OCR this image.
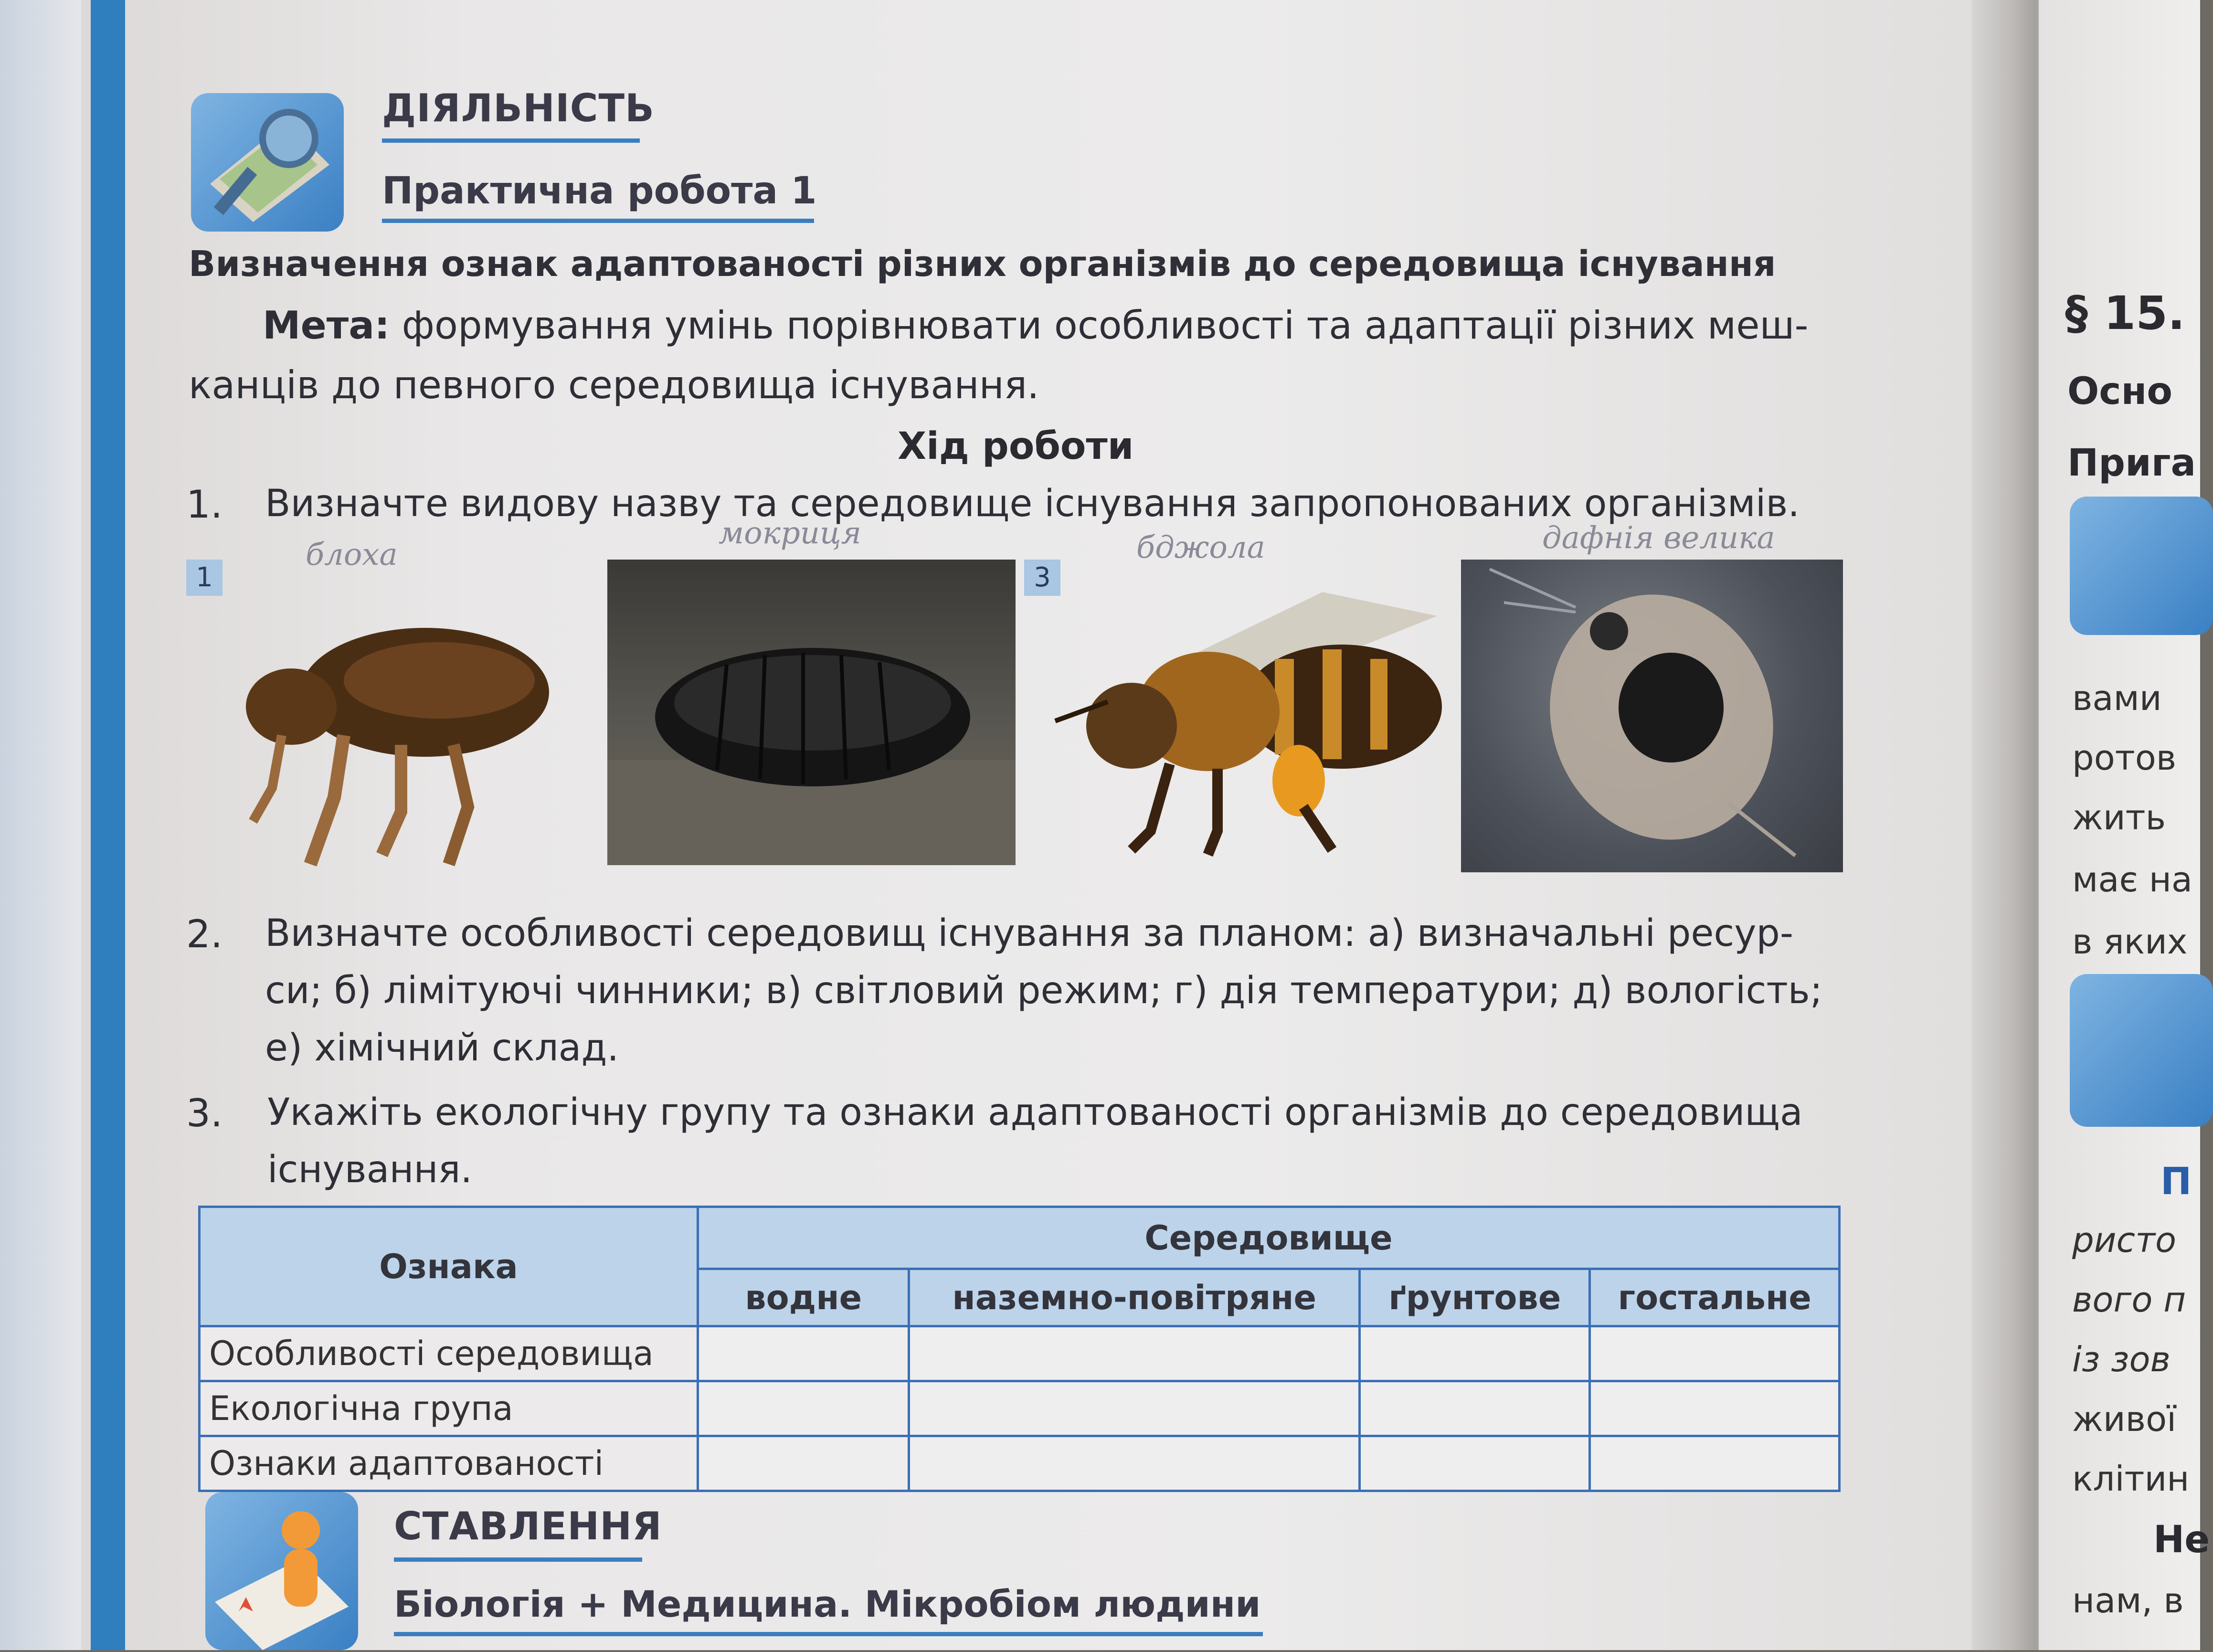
ДІЯЛЬНІСТЬ
Практична робота 1
Визначення ознак адаптованості різних організмів до середовища існування
Мета: формування умінь порівнювати особливості та адаптації різних меш-
канців до певного середовища існування.
Хід роботи
1. Визначте видову назву та середовище існування запропонованих організмів.
блоха
мокриця	бджола	дафнія велика
1	3
2. Визначте особливості середовищ існування за планом: а) визначальні ресур-
си; б) лімітуючі чинники; в) світловий режим; г) дія температури; д) вологість;
е) хімічний склад.
3. Укажіть екологічну групу та ознаки адаптованості організмів до середовища
існування.
Ознака	Середовище			
	водне	наземно-повітряне	ґрунтове	гостальне
Особливості середовища				
Екологічна група				
Ознаки адаптованості				
СТАВЛЕННЯ
Біологія + Медицина. Мікробіом людини
§ 15.
Осно
Прига
вами
ротов
жить
має на
в яких
П
ристо
вого п
із зов
живої
клітин
Не
нам, в
